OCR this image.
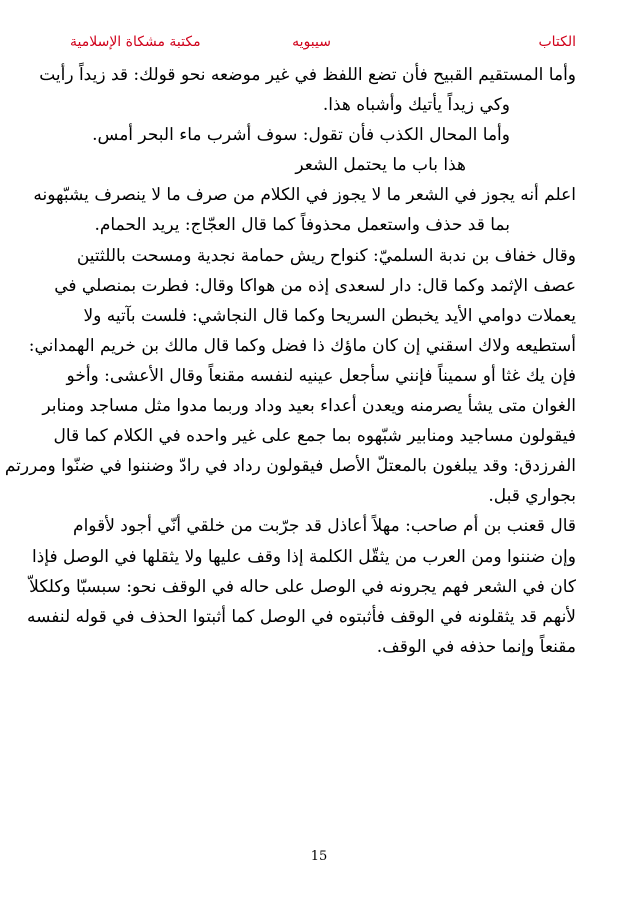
الكتاب
سيبويه
مكتبة مشكاة الإسلامية
وأما المستقيم القبيح فأن تضع اللفظ في غير موضعه نحو قولك: قد زيداً رأيت
وكي زيداً يأتيك وأشباه هذا.
وأما المحال الكذب فأن تقول: سوف أشرب ماء البحر أمس.
هذا باب ما يحتمل الشعر
اعلم أنه يجوز في الشعر ما لا يجوز في الكلام من صرف ما لا ينصرف يشبّهونه
بما قد حذف واستعمل محذوفاً كما قال العجّاج: يريد الحمام.
وقال خفاف بن ندبة السلميّ: كنواح ريش حمامة نجدية ومسحت باللثتين
عصف الإثمد وكما قال: دار لسعدى إذه من هواكا وقال: فطرت بمنصلي في
يعملات دوامي الأيد يخبطن السريحا وكما قال النجاشي: فلست بآتيه ولا
أستطيعه ولاك اسقني إن كان ماؤك ذا فضل وكما قال مالك بن خريم الهمداني:
فإن يك غثا أو سميناً فإنني سأجعل عينيه لنفسه مقنعاً وقال الأعشى: وأخو
الغوان متى يشأ يصرمنه ويعدن أعداء بعيد وداد وربما مدوا مثل مساجد ومنابر
فيقولون مساجيد ومنابير شبّهوه بما جمع على غير واحده في الكلام كما قال
الفرزدق: وقد يبلغون بالمعتلّ الأصل فيقولون رداد في رادّ وضننوا في ضنّوا ومررتم
بجواري قبل.
قال قعنب بن أم صاحب: مهلاً أعاذل قد جرّبت من خلقي أنّي أجود لأقوام
وإن ضننوا ومن العرب من يثقّل الكلمة إذا وقف عليها ولا يثقلها في الوصل فإذا
كان في الشعر فهم يجرونه في الوصل على حاله في الوقف نحو: سبسبّا وكلكلاّ
لأنهم قد يثقلونه في الوقف فأثبتوه في الوصل كما أثبتوا الحذف في قوله لنفسه
مقنعاً وإنما حذفه في الوقف.
15
